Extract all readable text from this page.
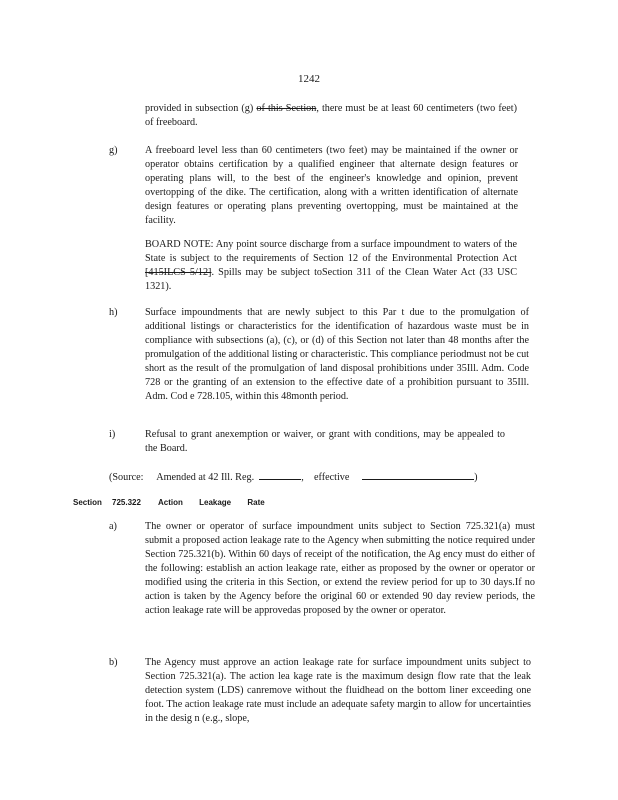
1242
provided in subsection (g) of this Section, there must be at least 60 centimeters (two feet) of freeboard.
g)	A freeboard level less than 60 centimeters (two feet) may be maintained if the owner or operator obtains certification by a qualified engineer that alternate design features or operating plans will, to the best of the engineer's knowledge and opinion, prevent overtopping of the dike. The certification, along with a written identification of alternate design features or operating plans preventing overtopping, must be maintained at the facility.
BOARD NOTE: Any point source discharge from a surface impoundment to waters of the State is subject to the requirements of Section 12 of the Environmental Protection Act [415ILCS 5/12]. Spills may be subject toSection 311 of the Clean Water Act (33 USC 1321).
h)	Surface impoundments that are newly subject to this Par t due to the promulgation of additional listings or characteristics for the identification of hazardous waste must be in compliance with subsections (a), (c), or (d) of this Section not later than 48 months after the promulgation of the additional listing or characteristic. This compliance periodmust not be cut short as the result of the promulgation of land disposal prohibitions under 35Ill. Adm. Code 728 or the granting of an extension to the effective date of a prohibition pursuant to 35Ill. Adm. Cod e 728.105, within this 48month period.
i)	Refusal to grant anexemption or waiver, or grant with conditions, may be appealed to the Board.
(Source: Amended at 42 Ill. Reg.	,    effective	)
Section 725.322 Action Leakage Rate
a)	The owner or operator of surface impoundment units subject to Section 725.321(a) must submit a proposed action leakage rate to the Agency when submitting the notice required under Section 725.321(b). Within 60 days of receipt of the notification, the Ag ency must do either of the following: establish an action leakage rate, either as proposed by the owner or operator or modified using the criteria in this Section, or extend the review period for up to 30 days.If no action is taken by the Agency before the original 60 or extended 90 day review periods, the action leakage rate will be approvedas proposed by the owner or operator.
b)	The Agency must approve an action leakage rate for surface impoundment units subject to Section 725.321(a). The action lea kage rate is the maximum design flow rate that the leak detection system (LDS) canremove without the fluidhead on the bottom liner exceeding one foot. The action leakage rate must include an adequate safety margin to allow for uncertainties in the desig n (e.g., slope,
